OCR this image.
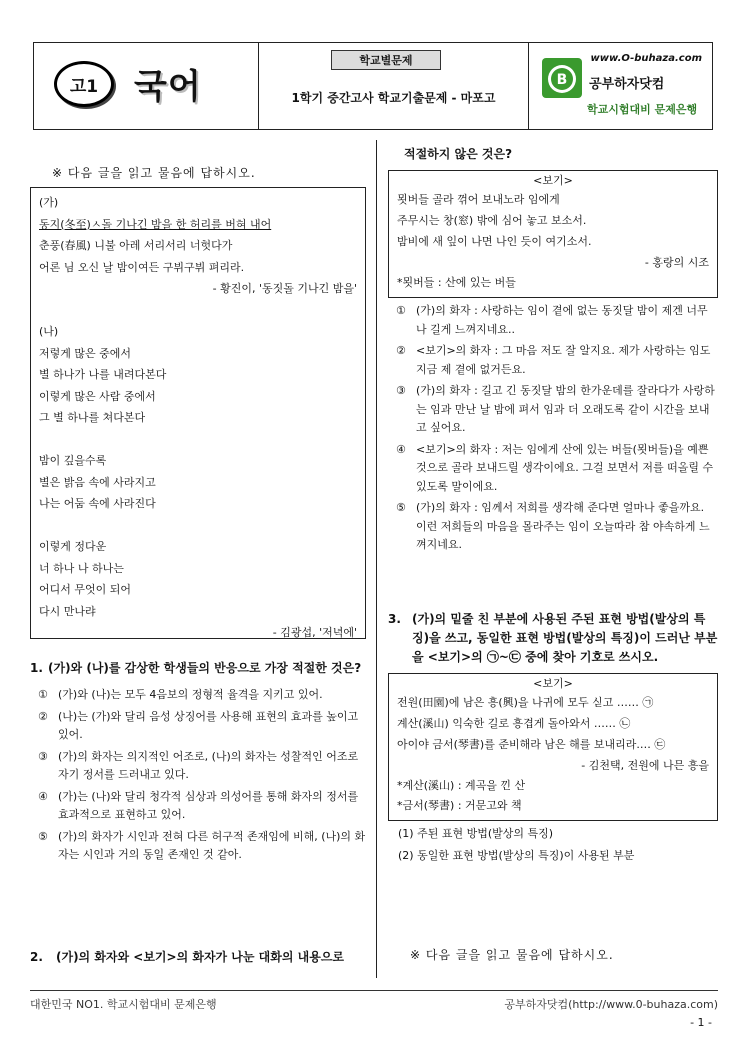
고1	국어
학교별문제
1학기 중간고사 학교기출문제 - 마포고
www.O-buhaza.com
B 공부하자닷컴
학교시험대비 문제은행
※ 다음 글을 읽고 물음에 답하시오.
(가)
동지(冬至)ㅅ돌 기나긴 밤을 한 허리를 버혀 내어
춘풍(春風) 니불 아레 서리서리 너헛다가
어론 님 오신 날 밤이여든 구뷔구뷔 펴리라.
- 황진이, '동짓돌 기나긴 밤을'
(나)
저렇게 많은 중에서
별 하나가 나를 내려다본다
이렇게 많은 사람 중에서
그 별 하나를 쳐다본다
밤이 깊을수록
별은 밝음 속에 사라지고
나는 어둠 속에 사라진다
이렇게 정다운
너 하나 나 하나는
어디서 무엇이 되어
다시 만나랴
- 김광섭, '저녁에'
1. (가)와 (나)를 감상한 학생들의 반응으로 가장 적절한 것은?
① (가)와 (나)는 모두 4음보의 정형적 율격을 지키고 있어.
② (나)는 (가)와 달리 음성 상징어를 사용해 표현의 효과를 높이고 있어.
③ (가)의 화자는 의지적인 어조로, (나)의 화자는 성찰적인 어조로 자기 정서를 드러내고 있다.
④ (가)는 (나)와 달리 청각적 심상과 의성어를 통해 화자의 정서를 효과적으로 표현하고 있어.
⑤ (가)의 화자가 시인과 전혀 다른 허구적 존재임에 비해, (나)의 화자는 시인과 거의 동일 존재인 것 같아.
2. (가)의 화자와 <보기>의 화자가 나눈 대화의 내용으로
적절하지 않은 것은?
<보기>
묏버들 골라 꺾어 보내노라 임에게
주무시는 창(窓) 밖에 심어 놓고 보소서.
밤비에 새 잎이 나면 나인 듯이 여기소서.
- 홍랑의 시조
*묏버들 : 산에 있는 버들
① (가)의 화자 : 사랑하는 임이 곁에 없는 동짓달 밤이 제겐 너무나 길게 느껴지네요..
② <보기>의 화자 : 그 마음 저도 잘 알지요. 제가 사랑하는 임도 지금 제 곁에 없거든요.
③ (가)의 화자 : 길고 긴 동짓달 밤의 한가운데를 잘라다가 사랑하는 임과 만난 날 밤에 펴서 임과 더 오래도록 같이 시간을 보내고 싶어요.
④ <보기>의 화자 : 저는 임에게 산에 있는 버들(묏버들)을 예쁜 것으로 골라 보내드릴 생각이에요. 그걸 보면서 저를 떠올릴 수 있도록 말이에요.
⑤ (가)의 화자 : 임께서 저희를 생각해 준다면 얼마나 좋을까요. 이런 저희들의 마음을 몰라주는 임이 오늘따라 참 야속하게 느껴지네요.
3. (가)의 밑줄 친 부분에 사용된 주된 표현 방법(발상의 특징)을 쓰고, 동일한 표현 방법(발상의 특징)이 드러난 부분을 <보기>의 ㉠~㉢ 중에 찾아 기호로 쓰시오.
<보기>
전원(田園)에 남은 흥(興)을 나귀에 모두 싣고 …… ㉠
계산(溪山) 익숙한 길로 흥겹게 돌아와서 …… ㉡
아이야 금서(琴書)를 준비해라 남은 해를 보내리라.… ㉢
- 김천택, 전원에 나믄 흥을
*계산(溪山) : 계곡을 낀 산
*금서(琴書) : 거문고와 책
(1) 주된 표현 방법(발상의 특징)
(2) 동일한 표현 방법(발상의 특징)이 사용된 부분
※ 다음 글을 읽고 물음에 답하시오.
대한민국 NO1. 학교시험대비 문제은행	공부하자닷컴(http://www.0-buhaza.com)
- 1 -
